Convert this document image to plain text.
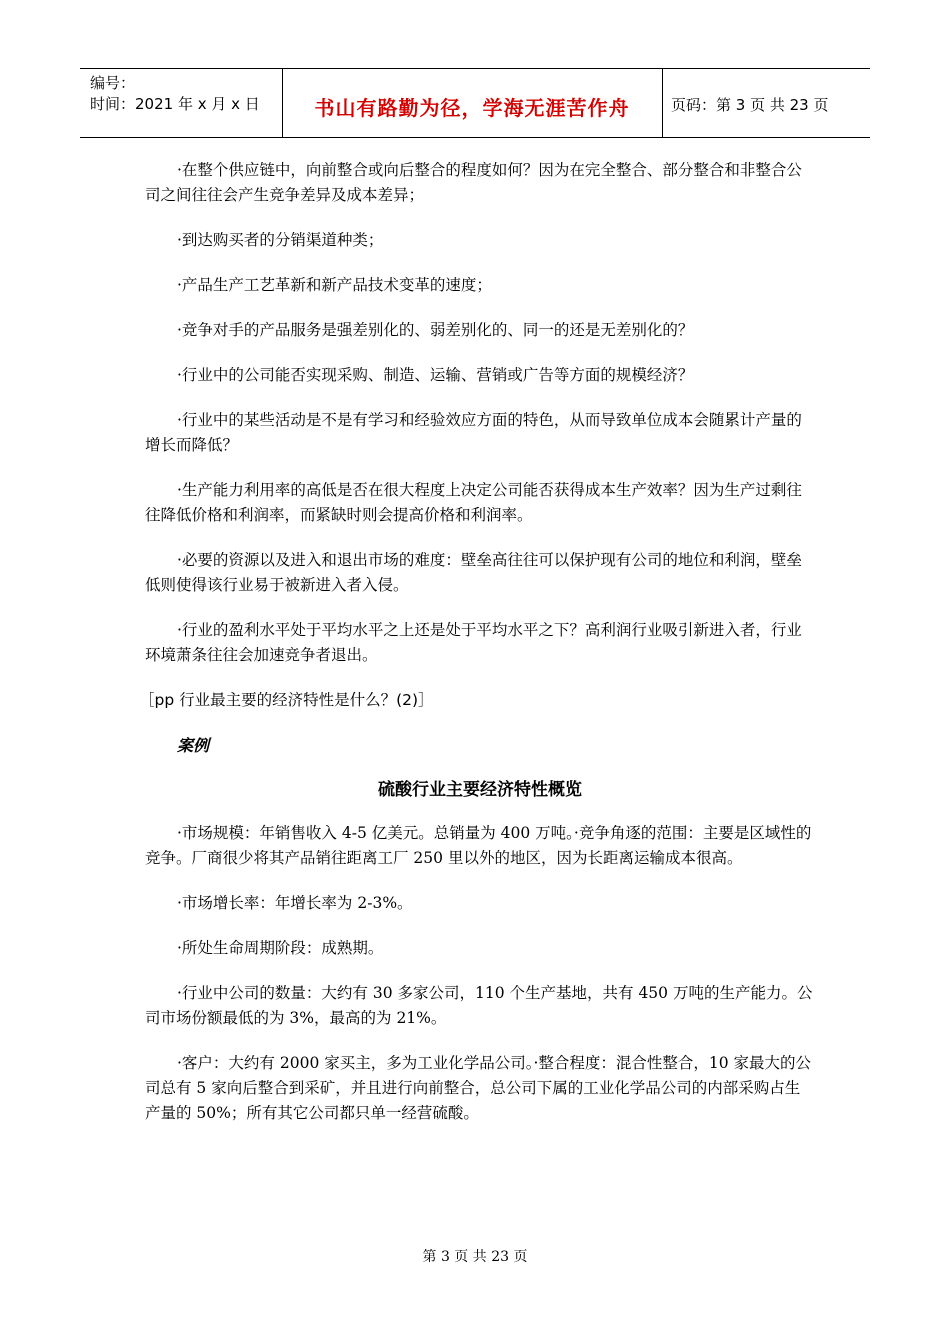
编号：
时间：2021 年 x 月 x 日	书山有路勤为径，学海无涯苦作舟	页码：第 3 页 共 23 页

·在整个供应链中，向前整合或向后整合的程度如何？因为在完全整合、部分整合和非整合公司之间往往会产生竞争差异及成本差异；

·到达购买者的分销渠道种类；

·产品生产工艺革新和新产品技术变革的速度；

·竞争对手的产品服务是强差别化的、弱差别化的、同一的还是无差别化的？

·行业中的公司能否实现采购、制造、运输、营销或广告等方面的规模经济？

·行业中的某些活动是不是有学习和经验效应方面的特色，从而导致单位成本会随累计产量的增长而降低？

·生产能力利用率的高低是否在很大程度上决定公司能否获得成本生产效率？因为生产过剩往往降低价格和利润率，而紧缺时则会提高价格和利润率。

·必要的资源以及进入和退出市场的难度：壁垒高往往可以保护现有公司的地位和利润，壁垒低则使得该行业易于被新进入者入侵。

·行业的盈利水平处于平均水平之上还是处于平均水平之下？高利润行业吸引新进入者，行业环境萧条往往会加速竞争者退出。

［pp 行业最主要的经济特性是什么？(2)］

案例

硫酸行业主要经济特性概览

·市场规模：年销售收入 4-5 亿美元。总销量为 400 万吨。·竞争角逐的范围：主要是区域性的竞争。厂商很少将其产品销往距离工厂 250 里以外的地区，因为长距离运输成本很高。

·市场增长率：年增长率为 2-3%。

·所处生命周期阶段：成熟期。

·行业中公司的数量：大约有 30 多家公司，110 个生产基地，共有 450 万吨的生产能力。公司市场份额最低的为 3%，最高的为 21%。

·客户：大约有 2000 家买主，多为工业化学品公司。·整合程度：混合性整合，10 家最大的公司总有 5 家向后整合到采矿，并且进行向前整合，总公司下属的工业化学品公司的内部采购占生产量的 50%；所有其它公司都只单一经营硫酸。

第 3 页 共 23 页
